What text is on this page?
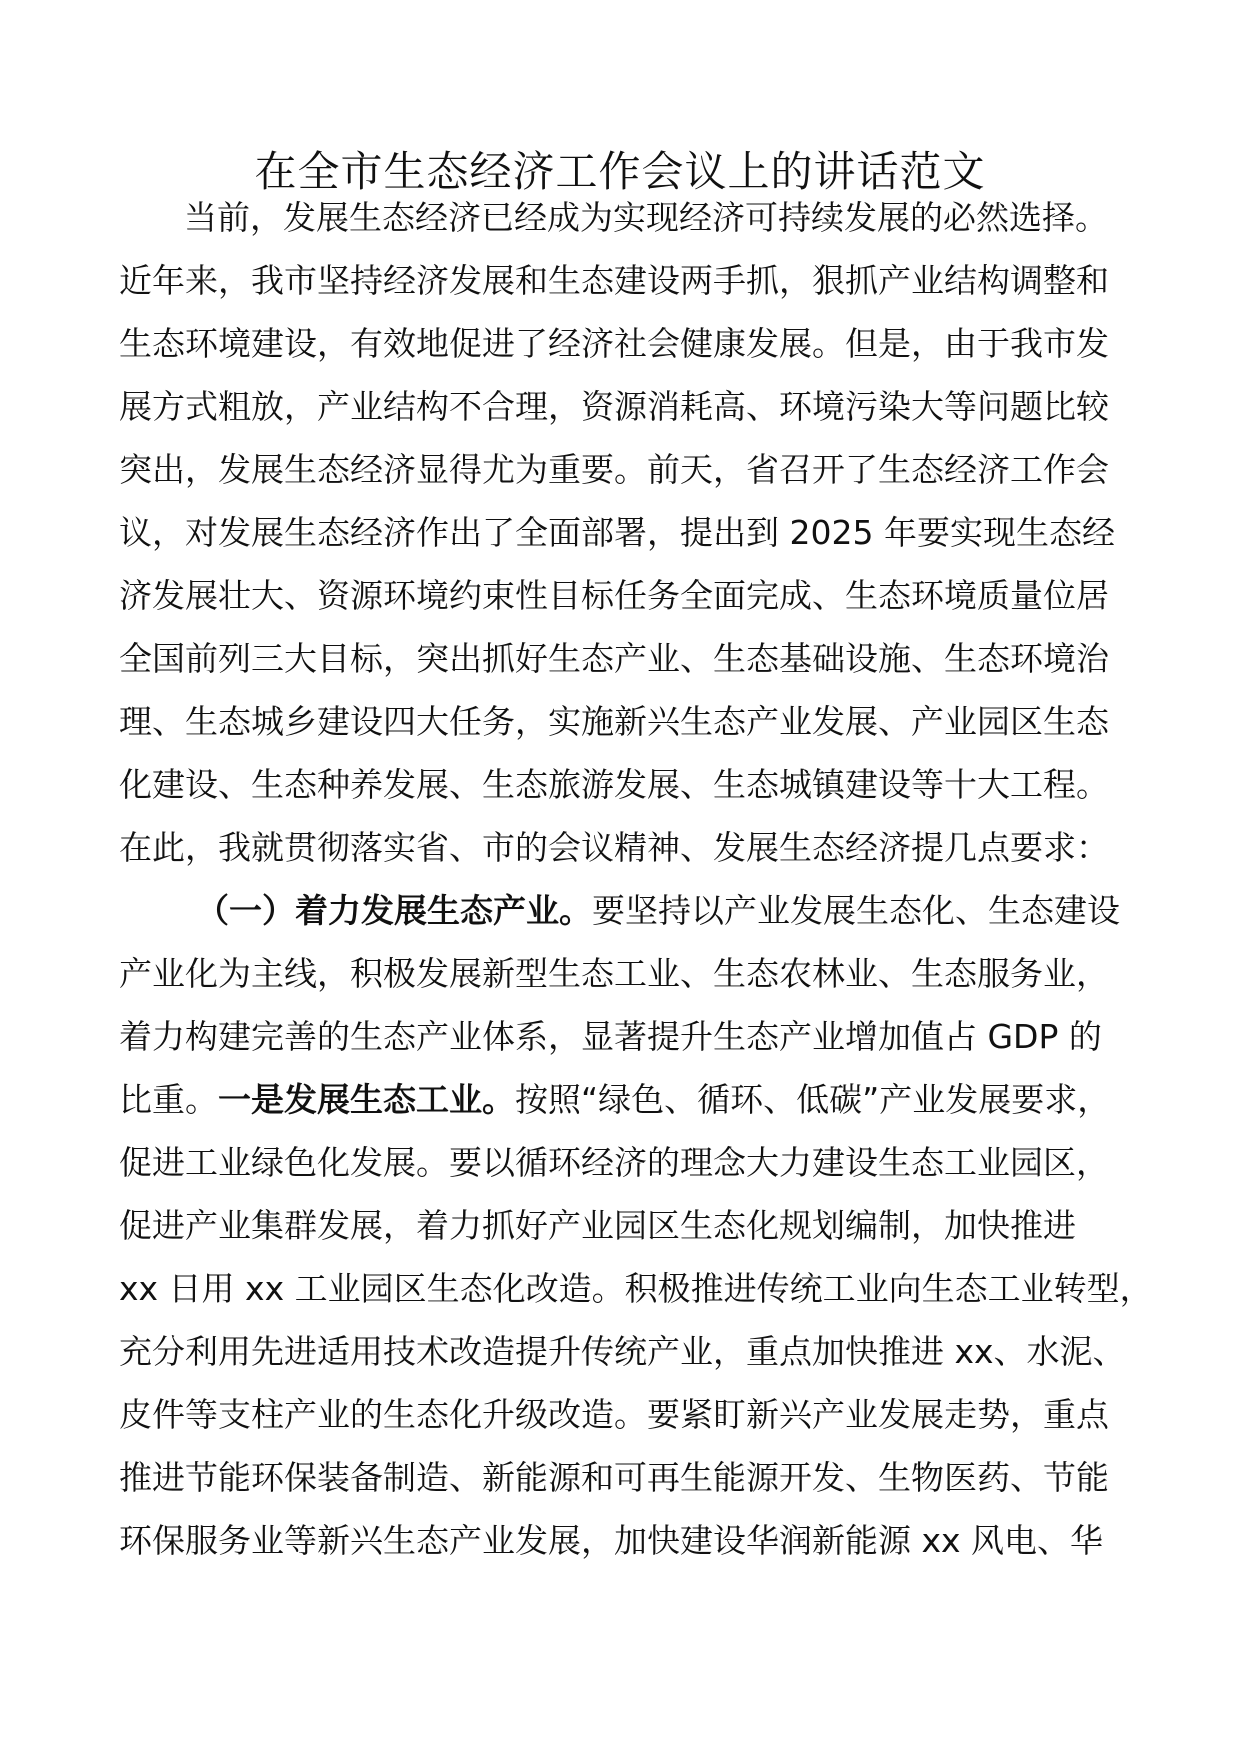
在全市生态经济工作会议上的讲话范文

当前，发展生态经济已经成为实现经济可持续发展的必然选择。

近年来，我市坚持经济发展和生态建设两手抓，狠抓产业结构调整和

生态环境建设，有效地促进了经济社会健康发展。但是，由于我市发

展方式粗放，产业结构不合理，资源消耗高、环境污染大等问题比较

突出，发展生态经济显得尤为重要。前天，省召开了生态经济工作会

议，对发展生态经济作出了全面部署，提出到 2025 年要实现生态经

济发展壮大、资源环境约束性目标任务全面完成、生态环境质量位居

全国前列三大目标，突出抓好生态产业、生态基础设施、生态环境治

理、生态城乡建设四大任务，实施新兴生态产业发展、产业园区生态

化建设、生态种养发展、生态旅游发展、生态城镇建设等十大工程。

在此，我就贯彻落实省、市的会议精神、发展生态经济提几点要求：

（一）着力发展生态产业。要坚持以产业发展生态化、生态建设

产业化为主线，积极发展新型生态工业、生态农林业、生态服务业，

着力构建完善的生态产业体系，显著提升生态产业增加值占 GDP 的

比重。一是发展生态工业。按照“绿色、循环、低碳”产业发展要求，

促进工业绿色化发展。要以循环经济的理念大力建设生态工业园区，

促进产业集群发展，着力抓好产业园区生态化规划编制，加快推进

xx 日用 xx 工业园区生态化改造。积极推进传统工业向生态工业转型，

充分利用先进适用技术改造提升传统产业，重点加快推进 xx、水泥、

皮件等支柱产业的生态化升级改造。要紧盯新兴产业发展走势，重点

推进节能环保装备制造、新能源和可再生能源开发、生物医药、节能

环保服务业等新兴生态产业发展，加快建设华润新能源 xx 风电、华
